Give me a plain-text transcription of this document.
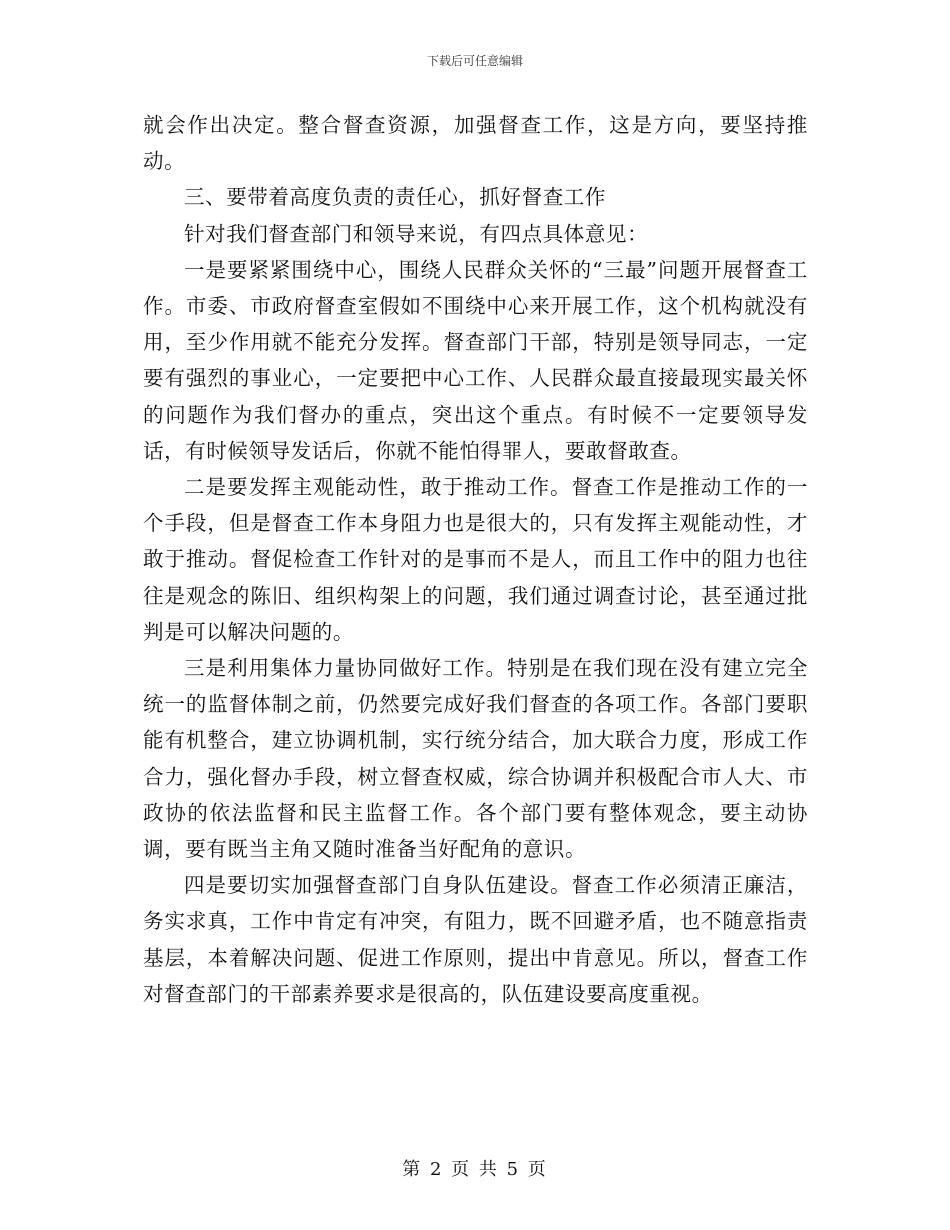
下载后可任意编辑

就会作出决定。整合督查资源，加强督查工作，这是方向，要坚持推动。

三、要带着高度负责的责任心，抓好督查工作

针对我们督查部门和领导来说，有四点具体意见：

一是要紧紧围绕中心，围绕人民群众关怀的“三最”问题开展督查工作。市委、市政府督查室假如不围绕中心来开展工作，这个机构就没有用，至少作用就不能充分发挥。督查部门干部，特别是领导同志，一定要有强烈的事业心，一定要把中心工作、人民群众最直接最现实最关怀的问题作为我们督办的重点，突出这个重点。有时候不一定要领导发话，有时候领导发话后，你就不能怕得罪人，要敢督敢查。

二是要发挥主观能动性，敢于推动工作。督查工作是推动工作的一个手段，但是督查工作本身阻力也是很大的，只有发挥主观能动性，才敢于推动。督促检查工作针对的是事而不是人，而且工作中的阻力也往往是观念的陈旧、组织构架上的问题，我们通过调查讨论，甚至通过批判是可以解决问题的。

三是利用集体力量协同做好工作。特别是在我们现在没有建立完全统一的监督体制之前，仍然要完成好我们督查的各项工作。各部门要职能有机整合，建立协调机制，实行统分结合，加大联合力度，形成工作合力，强化督办手段，树立督查权威，综合协调并积极配合市人大、市政协的依法监督和民主监督工作。各个部门要有整体观念，要主动协调，要有既当主角又随时准备当好配角的意识。

四是要切实加强督查部门自身队伍建设。督查工作必须清正廉洁，务实求真，工作中肯定有冲突，有阻力，既不回避矛盾，也不随意指责基层，本着解决问题、促进工作原则，提出中肯意见。所以，督查工作对督查部门的干部素养要求是很高的，队伍建设要高度重视。

第 2 页 共 5 页
